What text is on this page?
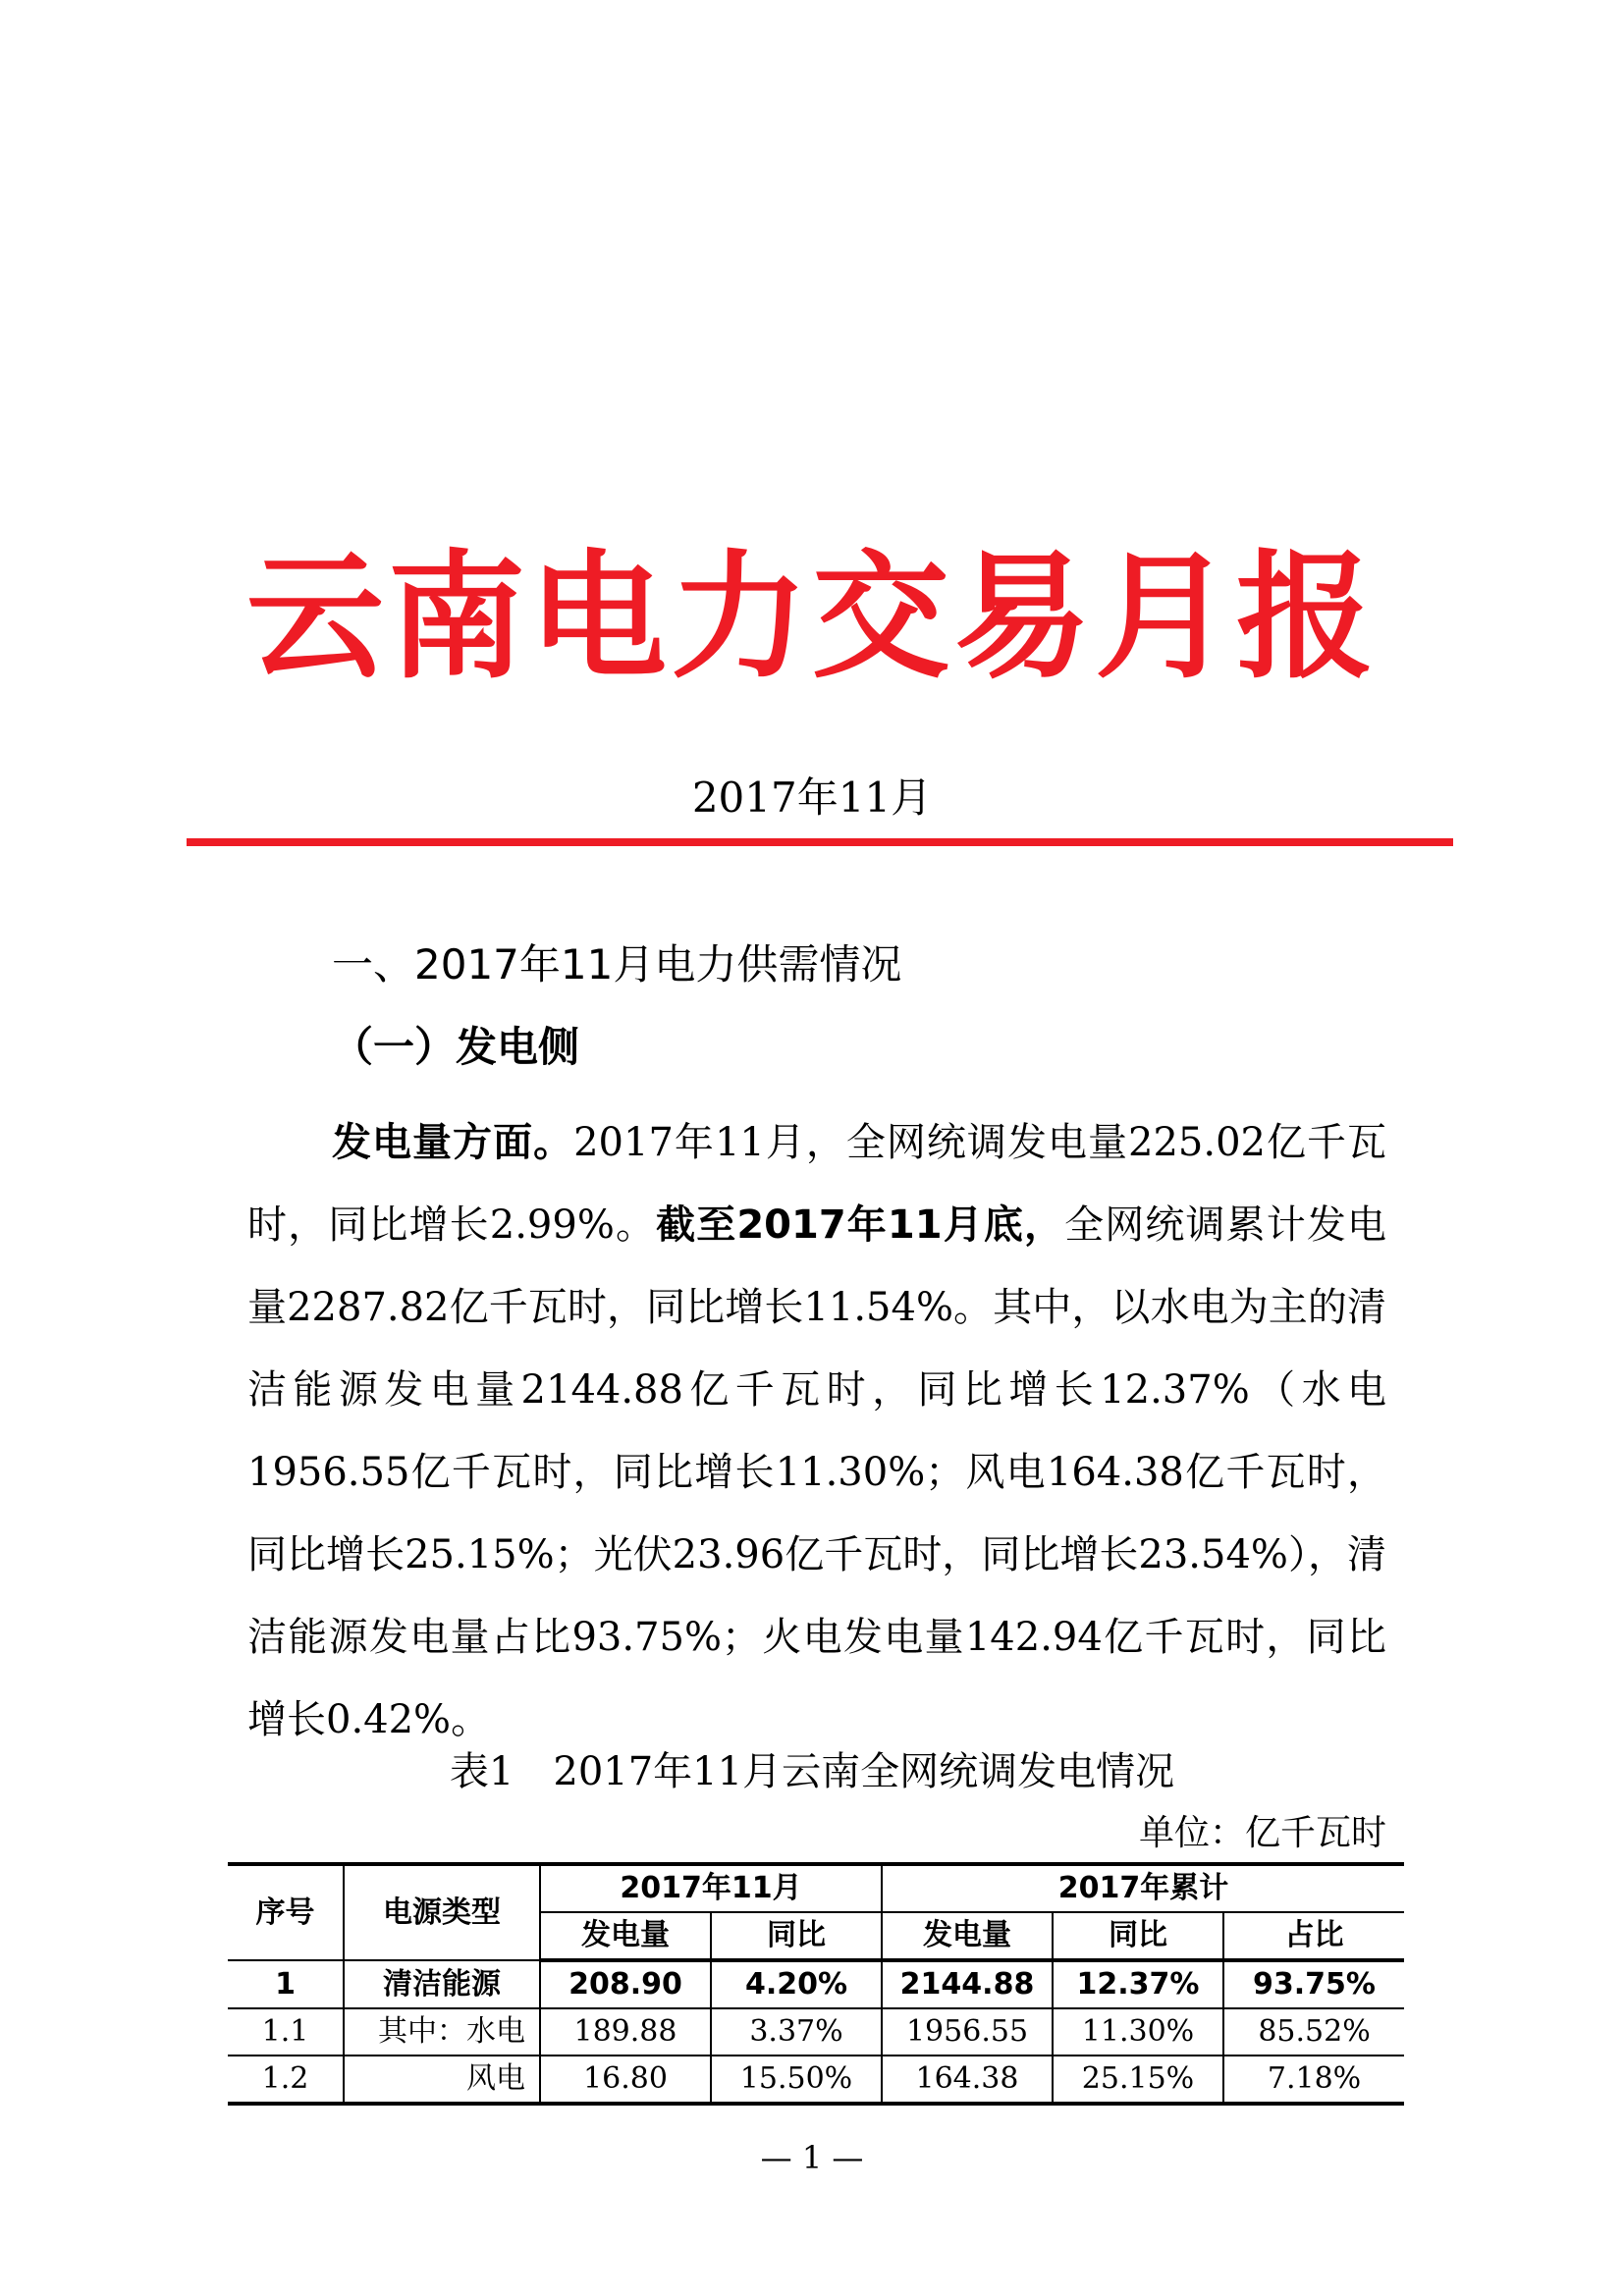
云南电力交易月报
2017年11月
一、2017年11月电力供需情况
（一）发电侧
发电量方面。2017年11月，全网统调发电量225.02亿千瓦时，同比增长2.99%。截至2017年11月底，全网统调累计发电量2287.82亿千瓦时，同比增长11.54%。其中，以水电为主的清洁能源发电量2144.88亿千瓦时，同比增长12.37%（水电1956.55亿千瓦时，同比增长11.30%；风电164.38亿千瓦时，同比增长25.15%；光伏23.96亿千瓦时，同比增长23.54%），清洁能源发电量占比93.75%；火电发电量142.94亿千瓦时，同比增长0.42%。
表1　2017年11月云南全网统调发电情况
单位：亿千瓦时
序号	电源类型	2017年11月		2017年累计		
		发电量	同比	发电量	同比	占比
1	清洁能源	208.90	4.20%	2144.88	12.37%	93.75%
1.1	其中：水电	189.88	3.37%	1956.55	11.30%	85.52%
1.2	风电	16.80	15.50%	164.38	25.15%	7.18%
— 1 —
